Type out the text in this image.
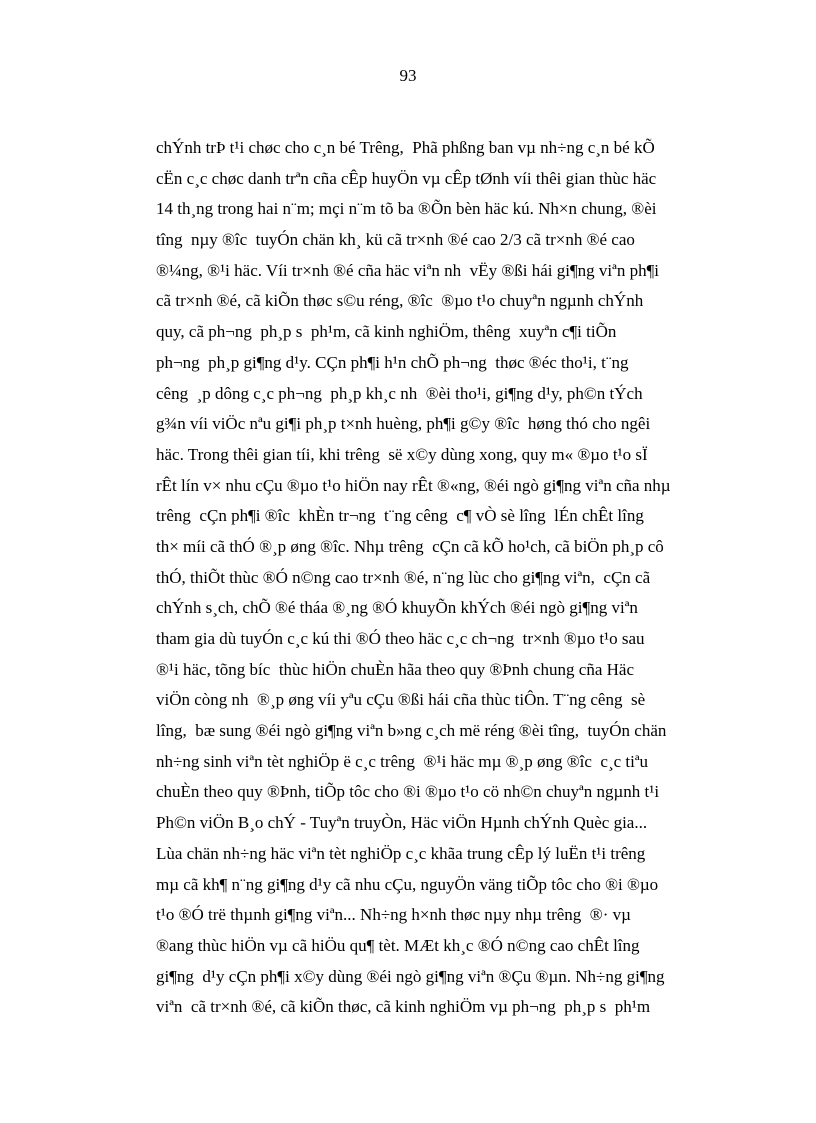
93
chÝnh trÞ t¹i chøc cho c¸n bé Trêng,  Phã phßng ban vµ nh÷ng c¸n bé kÕ
cËn c¸c chøc danh trªn cña cÊp huyÖn vµ cÊp tØnh víi thêi gian thùc häc
14 th¸ng trong hai n¨m; mçi n¨m tõ ba ®Õn bèn häc kú. Nh×n chung, ®èi
tîng  nµy ®îc  tuyÓn chän kh¸ kü cã tr×nh ®é cao 2/3 cã tr×nh ®é cao
®¼ng, ®¹i häc. Víi tr×nh ®é cña häc viªn nh  vËy ®ßi hái gi¶ng viªn ph¶i
cã tr×nh ®é, cã kiÕn thøc s©u réng, ®îc  ®µo t¹o chuyªn ngµnh chÝnh
quy, cã ph¬ng  ph¸p s  ph¹m, cã kinh nghiÖm, thêng  xuyªn c¶i tiÕn
ph¬ng  ph¸p gi¶ng d¹y. CÇn ph¶i h¹n chÕ ph¬ng  thøc ®éc tho¹i, t¨ng
cêng  ¸p dông c¸c ph¬ng  ph¸p kh¸c nh  ®èi tho¹i, gi¶ng d¹y, ph©n tÝch
g¾n víi viÖc nªu gi¶i ph¸p t×nh huèng, ph¶i g©y ®îc  høng thó cho ngêi
häc. Trong thêi gian tíi, khi trêng  së x©y dùng xong, quy m« ®µo t¹o sÏ
rÊt lín v× nhu cÇu ®µo t¹o hiÖn nay rÊt ®«ng, ®éi ngò gi¶ng viªn cña nhµ
trêng  cÇn ph¶i ®îc  khÈn tr¬ng  t¨ng cêng  c¶ vÒ sè lîng  lÉn chÊt lîng
th× míi cã thÓ ®¸p øng ®îc. Nhµ trêng  cÇn cã kÕ ho¹ch, cã biÖn ph¸p cô
thÓ, thiÕt thùc ®Ó n©ng cao tr×nh ®é, n¨ng lùc cho gi¶ng viªn,  cÇn cã
chÝnh s¸ch, chÕ ®é tháa ®¸ng ®Ó khuyÕn khÝch ®éi ngò gi¶ng viªn
tham gia dù tuyÓn c¸c kú thi ®Ó theo häc c¸c ch¬ng  tr×nh ®µo t¹o sau
®¹i häc, tõng bíc  thùc hiÖn chuÈn hãa theo quy ®Þnh chung cña Häc
viÖn còng nh  ®¸p øng víi yªu cÇu ®ßi hái cña thùc tiÔn. T¨ng cêng  sè
lîng,  bæ sung ®éi ngò gi¶ng viªn b»ng c¸ch më réng ®èi tîng,  tuyÓn chän
nh÷ng sinh viªn tèt nghiÖp ë c¸c trêng  ®¹i häc mµ ®¸p øng ®îc  c¸c tiªu
chuÈn theo quy ®Þnh, tiÕp tôc cho ®i ®µo t¹o cö nh©n chuyªn ngµnh t¹i
Ph©n viÖn B¸o chÝ - Tuyªn truyÒn, Häc viÖn Hµnh chÝnh Quèc gia...
Lùa chän nh÷ng häc viªn tèt nghiÖp c¸c khãa trung cÊp lý luËn t¹i trêng
mµ cã kh¶ n¨ng gi¶ng d¹y cã nhu cÇu, nguyÖn väng tiÕp tôc cho ®i ®µo
t¹o ®Ó trë thµnh gi¶ng viªn... Nh÷ng h×nh thøc nµy nhµ trêng  ®· vµ
®ang thùc hiÖn vµ cã hiÖu qu¶ tèt. MÆt kh¸c ®Ó n©ng cao chÊt lîng
gi¶ng  d¹y cÇn ph¶i x©y dùng ®éi ngò gi¶ng viªn ®Çu ®µn. Nh÷ng gi¶ng
viªn  cã tr×nh ®é, cã kiÕn thøc, cã kinh nghiÖm vµ ph¬ng  ph¸p s  ph¹m
